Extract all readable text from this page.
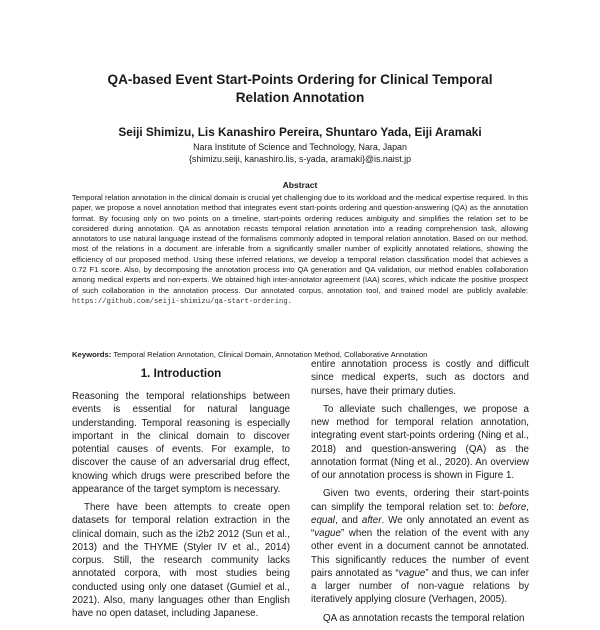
QA-based Event Start-Points Ordering for Clinical Temporal
Relation Annotation
Seiji Shimizu, Lis Kanashiro Pereira, Shuntaro Yada, Eiji Aramaki
Nara Institute of Science and Technology, Nara, Japan
{shimizu.seiji, kanashiro.lis, s-yada, aramaki}@is.naist.jp
Abstract
Temporal relation annotation in the clinical domain is crucial yet challenging due to its workload and the medical expertise required. In this paper, we propose a novel annotation method that integrates event start-points ordering and question-answering (QA) as the annotation format. By focusing only on two points on a timeline, start-points ordering reduces ambiguity and simplifies the relation set to be considered during annotation. QA as annotation recasts temporal relation annotation into a reading comprehension task, allowing annotators to use natural language instead of the formalisms commonly adopted in temporal relation annotation. Based on our method, most of the relations in a document are inferable from a significantly smaller number of explicitly annotated relations, showing the efficiency of our proposed method. Using these inferred relations, we develop a temporal relation classification model that achieves a 0.72 F1 score. Also, by decomposing the annotation process into QA generation and QA validation, our method enables collaboration among medical experts and non-experts. We obtained high inter-annotator agreement (IAA) scores, which indicate the positive prospect of such collaboration in the annotation process. Our annotated corpus, annotation tool, and trained model are publicly available: https://github.com/seiji-shimizu/qa-start-ordering.
Keywords: Temporal Relation Annotation, Clinical Domain, Annotation Method, Collaborative Annotation
1. Introduction

Reasoning the temporal relationships between events is essential for natural language understanding. Temporal reasoning is especially important in the clinical domain to discover potential causes of events. For example, to discover the cause of an adversarial drug effect, knowing which drugs were prescribed before the appearance of the target symptom is necessary.

There have been attempts to create open datasets for temporal relation extraction in the clinical domain, such as the i2b2 2012 (Sun et al., 2013) and the THYME (Styler IV et al., 2014) corpus. Still, the research community lacks annotated corpora, with most studies being conducted using only one dataset (Gumiel et al., 2021). Also, many languages other than English have no open dataset, including Japanese.

entire annotation process is costly and difficult since medical experts, such as doctors and nurses, have their primary duties.

To alleviate such challenges, we propose a new method for temporal relation annotation, integrating event start-points ordering (Ning et al., 2018) and question-answering (QA) as the annotation format (Ning et al., 2020). An overview of our annotation process is shown in Figure 1.

Given two events, ordering their start-points can simplify the temporal relation set to: before, equal, and after. We only annotated an event as “vague” when the relation of the event with any other event in a document cannot be annotated. This significantly reduces the number of event pairs annotated as “vague” and thus, we can infer a larger number of non-vague relations by iteratively applying closure (Verhagen, 2005).

QA as annotation recasts the temporal relation
